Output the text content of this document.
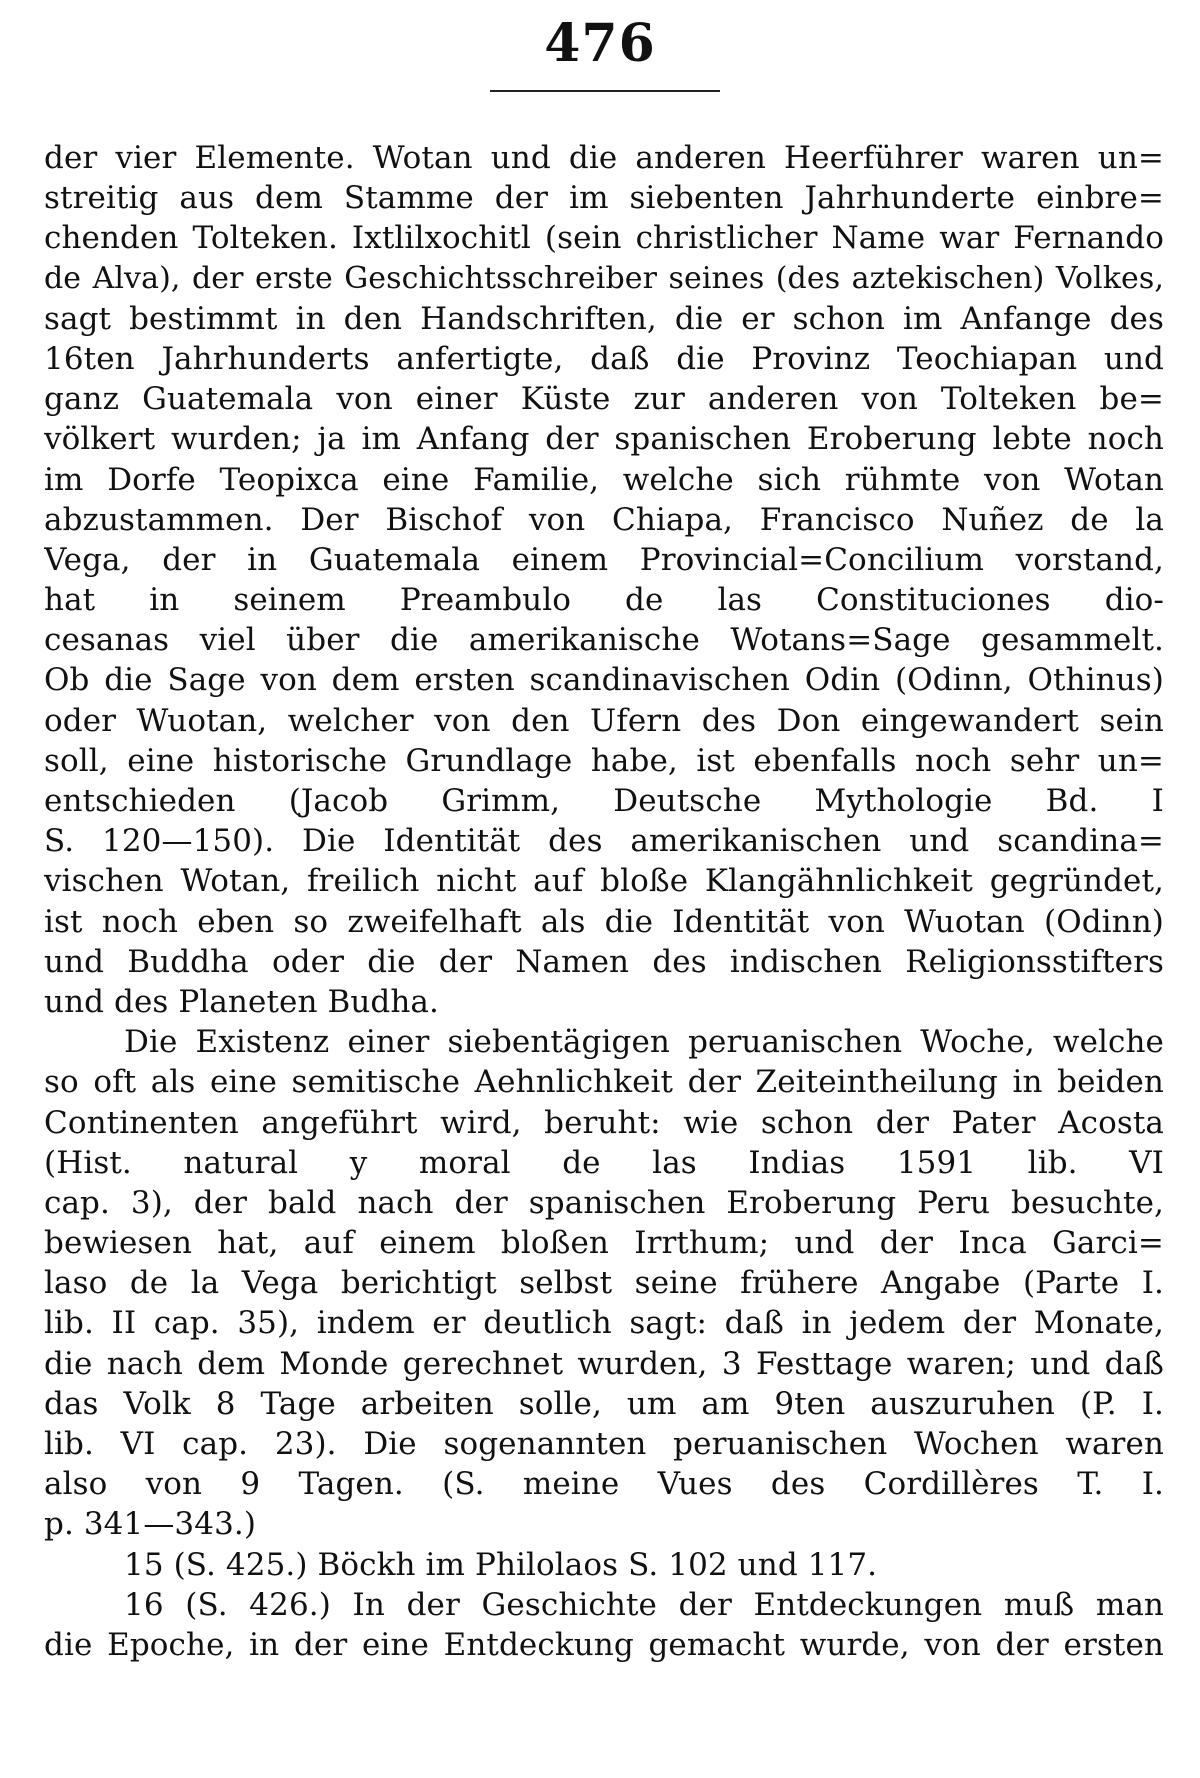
476
der vier Elemente. Wotan und die anderen Heerführer waren un=
streitig aus dem Stamme der im siebenten Jahrhunderte einbre=
chenden Tolteken. Ixtlilxochitl (sein christlicher Name war Fernando
de Alva), der erste Geschichtsschreiber seines (des aztekischen) Volkes,
sagt bestimmt in den Handschriften, die er schon im Anfange des
16ten Jahrhunderts anfertigte, daß die Provinz Teochiapan und
ganz Guatemala von einer Küste zur anderen von Tolteken be=
völkert wurden; ja im Anfang der spanischen Eroberung lebte noch
im Dorfe Teopixca eine Familie, welche sich rühmte von Wotan
abzustammen. Der Bischof von Chiapa, Francisco Nuñez de la
Vega, der in Guatemala einem Provincial=Concilium vorstand,
hat in seinem Preambulo de las Constituciones dio-
cesanas viel über die amerikanische Wotans=Sage gesammelt.
Ob die Sage von dem ersten scandinavischen Odin (Odinn, Othinus)
oder Wuotan, welcher von den Ufern des Don eingewandert sein
soll, eine historische Grundlage habe, ist ebenfalls noch sehr un=
entschieden (Jacob Grimm, Deutsche Mythologie Bd. I
S. 120—150). Die Identität des amerikanischen und scandina=
vischen Wotan, freilich nicht auf bloße Klangähnlichkeit gegründet,
ist noch eben so zweifelhaft als die Identität von Wuotan (Odinn)
und Buddha oder die der Namen des indischen Religionsstifters
und des Planeten Budha.
Die Existenz einer siebentägigen peruanischen Woche, welche
so oft als eine semitische Aehnlichkeit der Zeiteintheilung in beiden
Continenten angeführt wird, beruht: wie schon der Pater Acosta
(Hist. natural y moral de las Indias 1591 lib. VI
cap. 3), der bald nach der spanischen Eroberung Peru besuchte,
bewiesen hat, auf einem bloßen Irrthum; und der Inca Garci=
laso de la Vega berichtigt selbst seine frühere Angabe (Parte I.
lib. II cap. 35), indem er deutlich sagt: daß in jedem der Monate,
die nach dem Monde gerechnet wurden, 3 Festtage waren; und daß
das Volk 8 Tage arbeiten solle, um am 9ten auszuruhen (P. I.
lib. VI cap. 23). Die sogenannten peruanischen Wochen waren
also von 9 Tagen. (S. meine Vues des Cordillères T. I.
p. 341—343.)
15 (S. 425.) Böckh im Philolaos S. 102 und 117.
16 (S. 426.) In der Geschichte der Entdeckungen muß man
die Epoche, in der eine Entdeckung gemacht wurde, von der ersten
